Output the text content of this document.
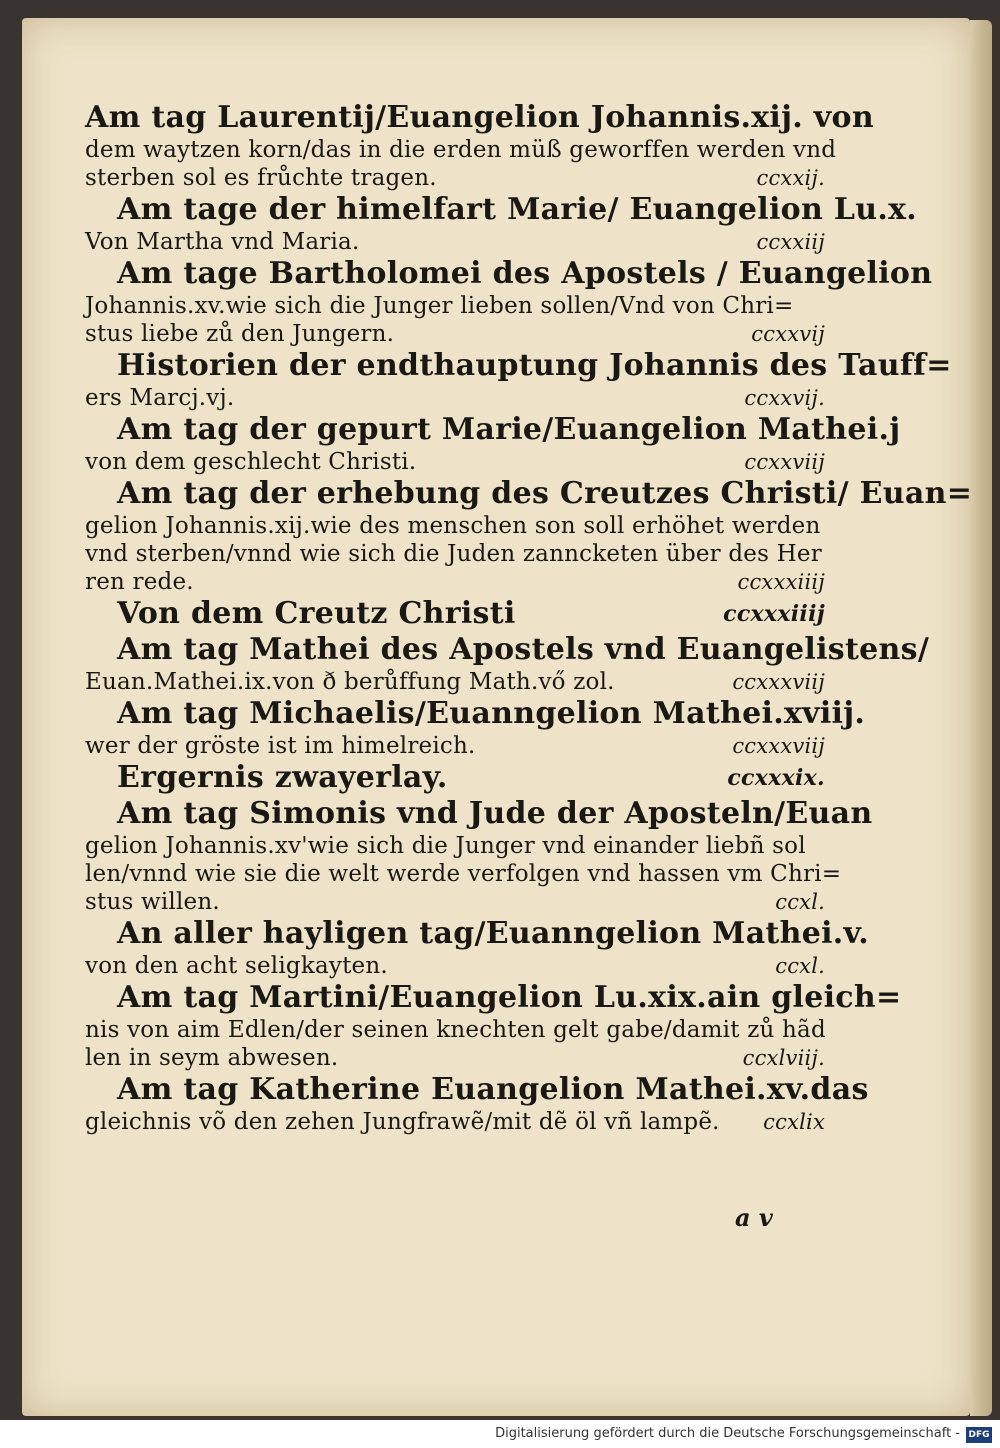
Am tag Laurentij/Euangelion Johannis.xij. von
dem waytzen korn/das in die erden müß geworffen werden vnd
sterben sol es frůchte tragen.	ccxxij.
Am tage der himelfart Marie/ Euangelion Lu.x.
Von Martha vnd Maria.	ccxxiij
Am tage Bartholomei des Apostels / Euangelion
Johannis.xv.wie sich die Junger lieben sollen/Vnd von Chri=
stus liebe zů den Jungern.	ccxxvij
Historien der endthauptung Johannis des Tauff=
ers Marcj.vj.	ccxxvij.
Am tag der gepurt Marie/Euangelion Mathei.j
von dem geschlecht Christi.	ccxxviij
Am tag der erhebung des Creutzes Christi/ Euan=
gelion Johannis.xij.wie des menschen son soll erhöhet werden
vnd sterben/vnnd wie sich die Juden zanncketen über des Her
ren rede.	ccxxxiiij
Von dem Creutz Christi	ccxxxiiij
Am tag Mathei des Apostels vnd Euangelistens/
Euan.Mathei.ix.von ð berůffung Math.vő zol.	ccxxxviij
Am tag Michaelis/Euanngelion Mathei.xviij.
wer der gröste ist im himelreich.	ccxxxviij
Ergernis zwayerlay.	ccxxxix.
Am tag Simonis vnd Jude der Aposteln/Euan
gelion Johannis.xv'wie sich die Junger vnd einander liebñ sol
len/vnnd wie sie die welt werde verfolgen vnd hassen vm Chri=
stus willen.	ccxl.
An aller hayligen tag/Euanngelion Mathei.v.
von den acht seligkayten.	ccxl.
Am tag Martini/Euangelion Lu.xix.ain gleich=
nis von aim Edlen/der seinen knechten gelt gabe/damit zů hãd
len in seym abwesen.	ccxlviij.
Am tag Katherine Euangelion Mathei.xv.das
gleichnis võ den zehen Jungfrawẽ/mit dẽ öl vñ lampẽ. ccxlix
a v
Digitalisierung gefördert durch die Deutsche Forschungsgemeinschaft - DFG
